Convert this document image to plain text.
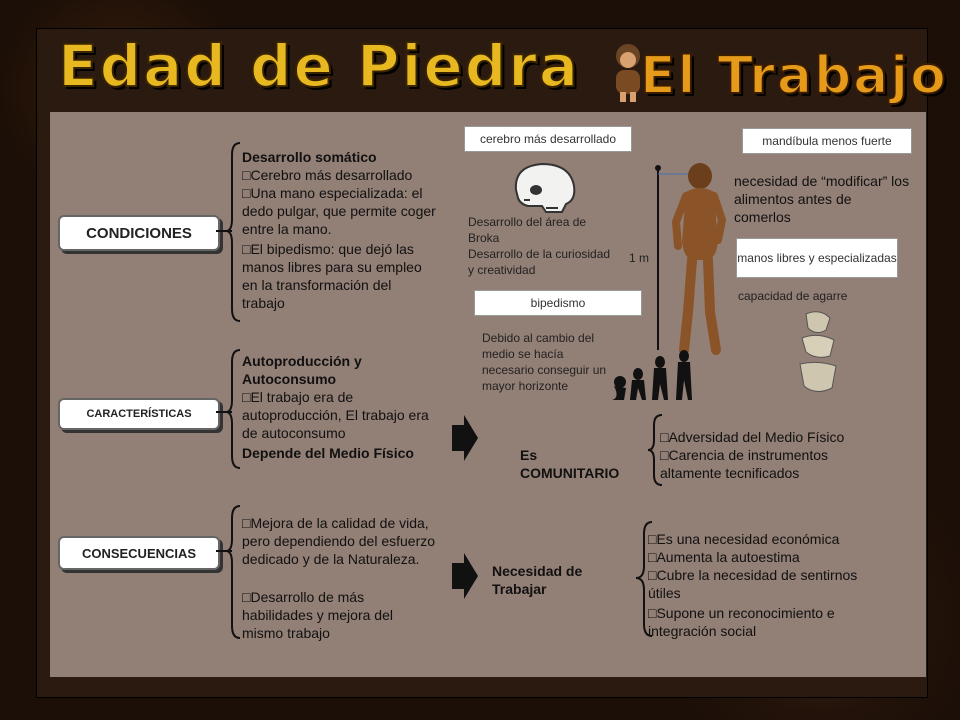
Edad de Piedra El Trabajo
CONDICIONES
CARACTERÍSTICAS
CONSECUENCIAS
Desarrollo somático
□Cerebro más desarrollado
□Una mano especializada: el dedo pulgar, que permite coger entre la mano.
□El bipedismo: que dejó las manos libres para su empleo en la transformación del trabajo
Autoproducción y Autoconsumo
□El trabajo era de autoproducción, El trabajo era de autoconsumo
Depende del Medio Físico	Es COMUNITARIO
□Adversidad del Medio Físico
□Carencia de instrumentos altamente tecnificados
□Mejora de la calidad de vida, pero dependiendo del esfuerzo dedicado y de la Naturaleza.
□Desarrollo de más habilidades y mejora del mismo trabajo
Necesidad de Trabajar
□Es una necesidad económica
□Aumenta la autoestima
□Cubre la necesidad de sentirnos útiles
□Supone un reconocimiento e integración social
cerebro más desarrollado	mandíbula menos fuerte
bipedismo
manos libres y especializadas
Desarrollo del área de Broka
Desarrollo de la curiosidad y creatividad
1 m
necesidad de “modificar” los alimentos antes de comerlos
capacidad de agarre
Debido al cambio del medio se hacía necesario conseguir un mayor horizonte
